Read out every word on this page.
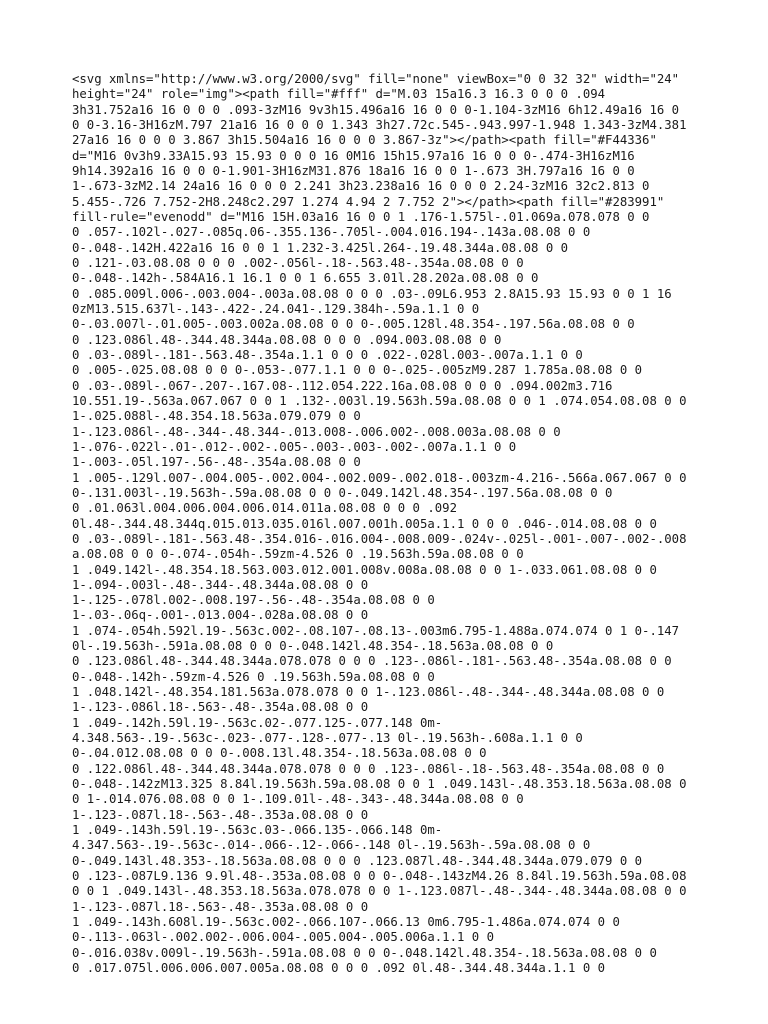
<svg xmlns="http://www.w3.org/2000/svg" fill="none" viewBox="0 0 32 32" width="24"
height="24" role="img"><path fill="#fff" d="M.03 15a16.3 16.3 0 0 0 .094
3h31.752a16 16 0 0 0 .093-3zM16 9v3h15.496a16 16 0 0 0-1.104-3zM16 6h12.49a16 16 0
0 0-3.16-3H16zM.797 21a16 16 0 0 0 1.343 3h27.72c.545-.943.997-1.948 1.343-3zM4.381
27a16 16 0 0 0 3.867 3h15.504a16 16 0 0 0 3.867-3z"></path><path fill="#F44336"
d="M16 0v3h9.33A15.93 15.93 0 0 0 16 0M16 15h15.97a16 16 0 0 0-.474-3H16zM16
9h14.392a16 16 0 0 0-1.901-3H16zM31.876 18a16 16 0 0 1-.673 3H.797a16 16 0 0
1-.673-3zM2.14 24a16 16 0 0 0 2.241 3h23.238a16 16 0 0 0 2.24-3zM16 32c2.813 0
5.455-.726 7.752-2H8.248c2.297 1.274 4.94 2 7.752 2"></path><path fill="#283991"
fill-rule="evenodd" d="M16 15H.03a16 16 0 0 1 .176-1.575l-.01.069a.078.078 0 0
0 .057-.102l-.027-.085q.06-.355.136-.705l-.004.016.194-.143a.08.08 0 0
0-.048-.142H.422a16 16 0 0 1 1.232-3.425l.264-.19.48.344a.08.08 0 0
0 .121-.03.08.08 0 0 0 .002-.056l-.18-.563.48-.354a.08.08 0 0
0-.048-.142h-.584A16.1 16.1 0 0 1 6.655 3.01l.28.202a.08.08 0 0
0 .085.009l.006-.003.004-.003a.08.08 0 0 0 .03-.09L6.953 2.8A15.93 15.93 0 0 1 16
0zM13.515.637l-.143-.422-.24.041-.129.384h-.59a.1.1 0 0
0-.03.007l-.01.005-.003.002a.08.08 0 0 0-.005.128l.48.354-.197.56a.08.08 0 0
0 .123.086l.48-.344.48.344a.08.08 0 0 0 .094.003.08.08 0 0
0 .03-.089l-.181-.563.48-.354a.1.1 0 0 0 .022-.028l.003-.007a.1.1 0 0
0 .005-.025.08.08 0 0 0-.053-.077.1.1 0 0 0-.025-.005zM9.287 1.785a.08.08 0 0
0 .03-.089l-.067-.207-.167.08-.112.054.222.16a.08.08 0 0 0 .094.002m3.716
10.551.19-.563a.067.067 0 0 1 .132-.003l.19.563h.59a.08.08 0 0 1 .074.054.08.08 0 0
1-.025.088l-.48.354.18.563a.079.079 0 0
1-.123.086l-.48-.344-.48.344-.013.008-.006.002-.008.003a.08.08 0 0
1-.076-.022l-.01-.012-.002-.005-.003-.003-.002-.007a.1.1 0 0
1-.003-.05l.197-.56-.48-.354a.08.08 0 0
1 .005-.129l.007-.004.005-.002.004-.002.009-.002.018-.003zm-4.216-.566a.067.067 0 0
0-.131.003l-.19.563h-.59a.08.08 0 0 0-.049.142l.48.354-.197.56a.08.08 0 0
0 .01.063l.004.006.004.006.014.011a.08.08 0 0 0 .092
0l.48-.344.48.344q.015.013.035.016l.007.001h.005a.1.1 0 0 0 .046-.014.08.08 0 0
0 .03-.089l-.181-.563.48-.354.016-.016.004-.008.009-.024v-.025l-.001-.007-.002-.008
a.08.08 0 0 0-.074-.054h-.59zm-4.526 0 .19.563h.59a.08.08 0 0
1 .049.142l-.48.354.18.563.003.012.001.008v.008a.08.08 0 0 1-.033.061.08.08 0 0
1-.094-.003l-.48-.344-.48.344a.08.08 0 0
1-.125-.078l.002-.008.197-.56-.48-.354a.08.08 0 0
1-.03-.06q-.001-.013.004-.028a.08.08 0 0
1 .074-.054h.592l.19-.563c.002-.08.107-.08.13-.003m6.795-1.488a.074.074 0 1 0-.147
0l-.19.563h-.591a.08.08 0 0 0-.048.142l.48.354-.18.563a.08.08 0 0
0 .123.086l.48-.344.48.344a.078.078 0 0 0 .123-.086l-.181-.563.48-.354a.08.08 0 0
0-.048-.142h-.59zm-4.526 0 .19.563h.59a.08.08 0 0
1 .048.142l-.48.354.181.563a.078.078 0 0 1-.123.086l-.48-.344-.48.344a.08.08 0 0
1-.123-.086l.18-.563-.48-.354a.08.08 0 0
1 .049-.142h.59l.19-.563c.02-.077.125-.077.148 0m-
4.348.563-.19-.563c-.023-.077-.128-.077-.13 0l-.19.563h-.608a.1.1 0 0
0-.04.012.08.08 0 0 0-.008.13l.48.354-.18.563a.08.08 0 0
0 .122.086l.48-.344.48.344a.078.078 0 0 0 .123-.086l-.18-.563.48-.354a.08.08 0 0
0-.048-.142zM13.325 8.84l.19.563h.59a.08.08 0 0 1 .049.143l-.48.353.18.563a.08.08 0
0 1-.014.076.08.08 0 0 1-.109.01l-.48-.343-.48.344a.08.08 0 0
1-.123-.087l.18-.563-.48-.353a.08.08 0 0
1 .049-.143h.59l.19-.563c.03-.066.135-.066.148 0m-
4.347.563-.19-.563c-.014-.066-.12-.066-.148 0l-.19.563h-.59a.08.08 0 0
0-.049.143l.48.353-.18.563a.08.08 0 0 0 .123.087l.48-.344.48.344a.079.079 0 0
0 .123-.087L9.136 9.9l.48-.353a.08.08 0 0 0-.048-.143zM4.26 8.84l.19.563h.59a.08.08
0 0 1 .049.143l-.48.353.18.563a.078.078 0 0 1-.123.087l-.48-.344-.48.344a.08.08 0 0
1-.123-.087l.18-.563-.48-.353a.08.08 0 0
1 .049-.143h.608l.19-.563c.002-.066.107-.066.13 0m6.795-1.486a.074.074 0 0
0-.113-.063l-.002.002-.006.004-.005.004-.005.006a.1.1 0 0
0-.016.038v.009l-.19.563h-.591a.08.08 0 0 0-.048.142l.48.354-.18.563a.08.08 0 0
0 .017.075l.006.006.007.005a.08.08 0 0 0 .092 0l.48-.344.48.344a.1.1 0 0
